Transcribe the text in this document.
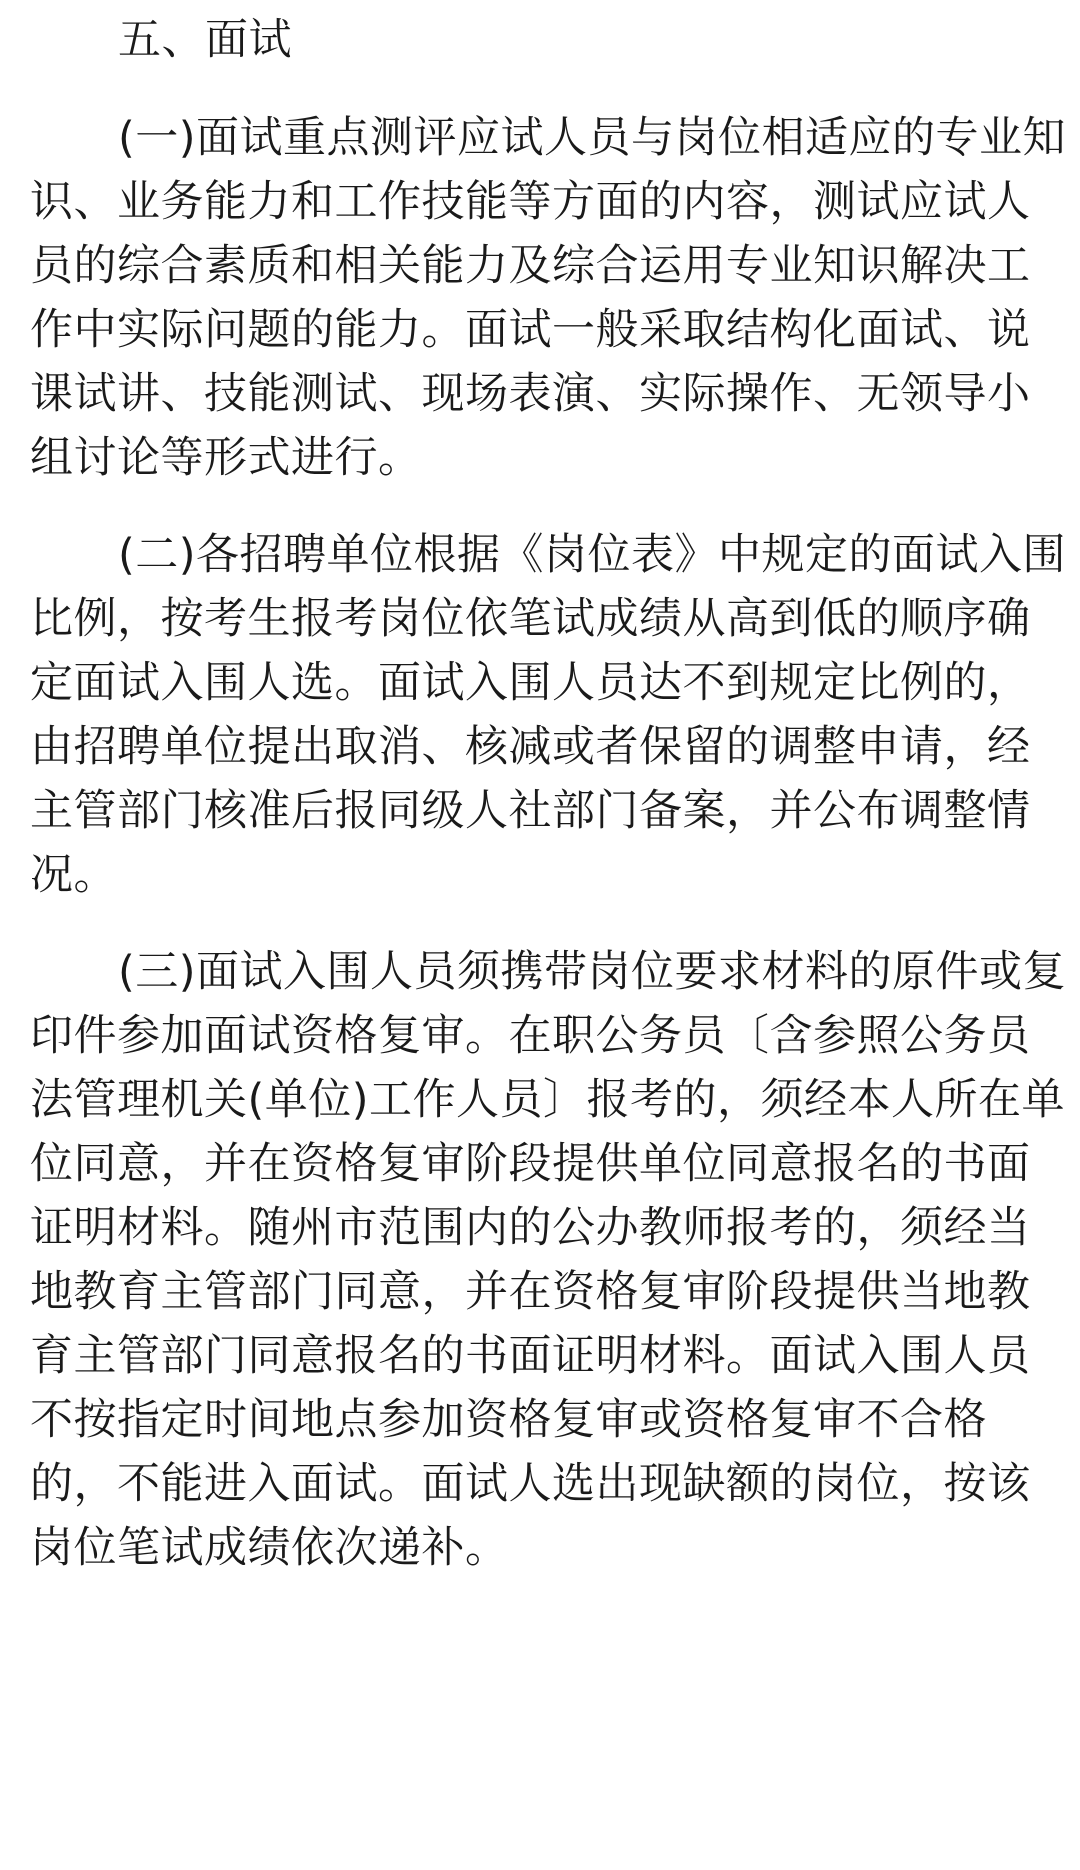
五、面试
(一)面试重点测评应试人员与岗位相适应的专业知
识、业务能力和工作技能等方面的内容，测试应试人
员的综合素质和相关能力及综合运用专业知识解决工
作中实际问题的能力。面试一般采取结构化面试、说
课试讲、技能测试、现场表演、实际操作、无领导小
组讨论等形式进行。
(二)各招聘单位根据《岗位表》中规定的面试入围
比例，按考生报考岗位依笔试成绩从高到低的顺序确
定面试入围人选。面试入围人员达不到规定比例的，
由招聘单位提出取消、核减或者保留的调整申请，经
主管部门核准后报同级人社部门备案，并公布调整情
况。
(三)面试入围人员须携带岗位要求材料的原件或复
印件参加面试资格复审。在职公务员〔含参照公务员
法管理机关(单位)工作人员〕报考的，须经本人所在单
位同意，并在资格复审阶段提供单位同意报名的书面
证明材料。随州市范围内的公办教师报考的，须经当
地教育主管部门同意，并在资格复审阶段提供当地教
育主管部门同意报名的书面证明材料。面试入围人员
不按指定时间地点参加资格复审或资格复审不合格
的，不能进入面试。面试人选出现缺额的岗位，按该
岗位笔试成绩依次递补。
